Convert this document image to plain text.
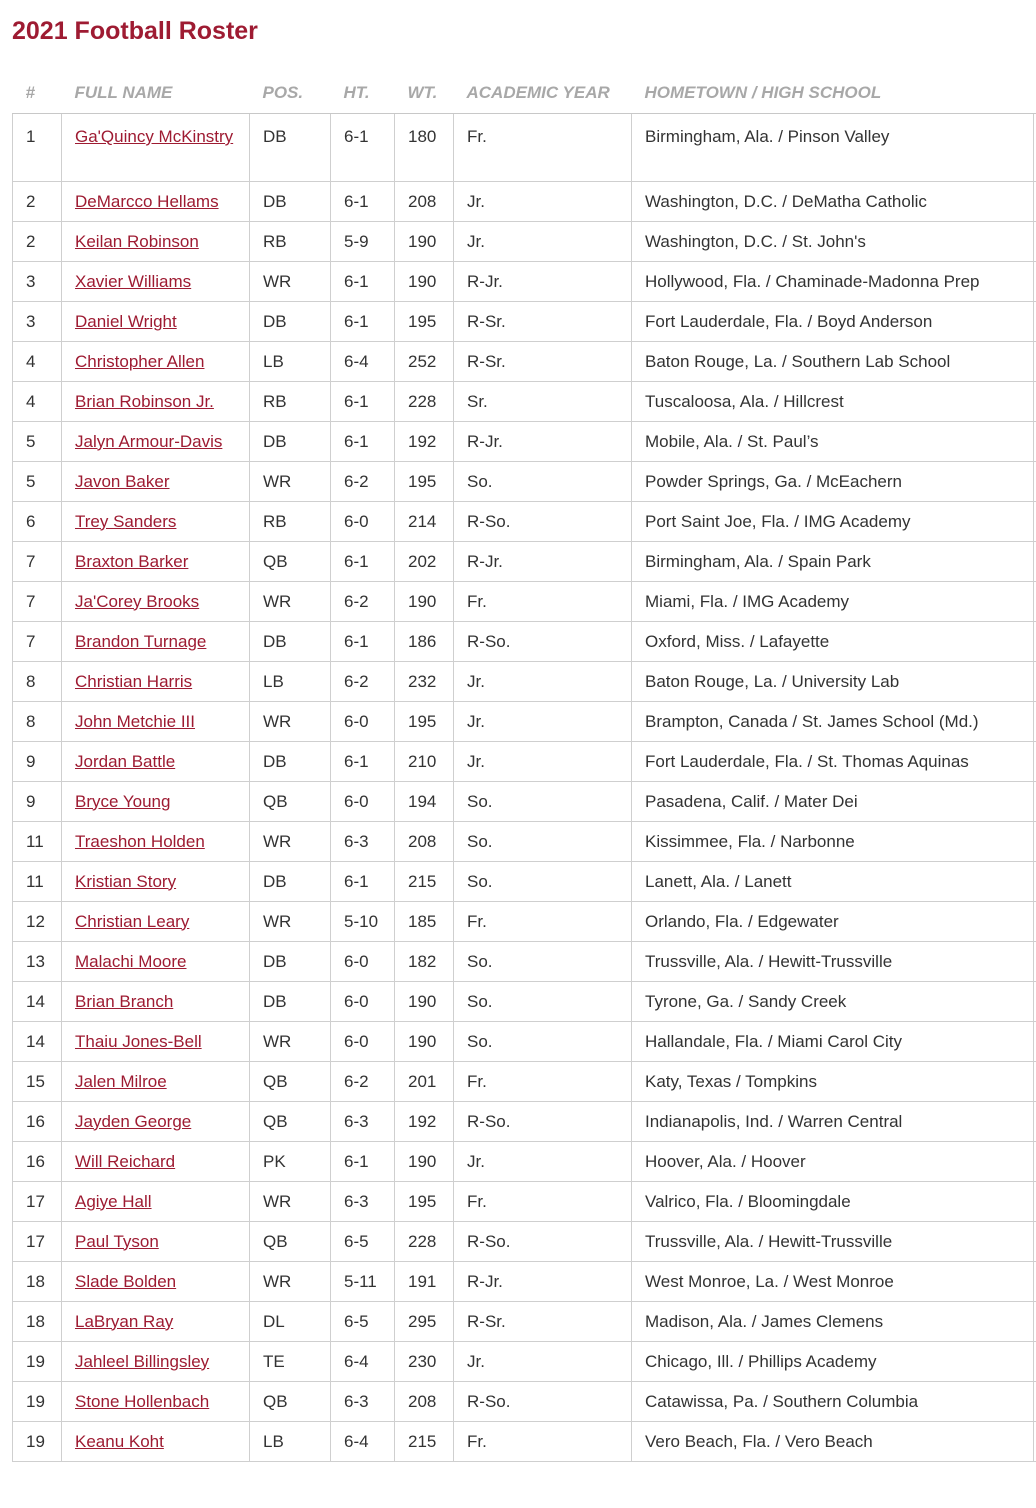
2021 Football Roster
#	FULL NAME	POS.	HT.	WT.	ACADEMIC YEAR	HOMETOWN / HIGH SCHOOL	
1	Ga'Quincy McKinstry	DB	6-1	180	Fr.	Birmingham, Ala. / Pinson Valley	
2	DeMarcco Hellams	DB	6-1	208	Jr.	Washington, D.C. / DeMatha Catholic	
2	Keilan Robinson	RB	5-9	190	Jr.	Washington, D.C. / St. John's	
3	Xavier Williams	WR	6-1	190	R-Jr.	Hollywood, Fla. / Chaminade-Madonna Prep	
3	Daniel Wright	DB	6-1	195	R-Sr.	Fort Lauderdale, Fla. / Boyd Anderson	
4	Christopher Allen	LB	6-4	252	R-Sr.	Baton Rouge, La. / Southern Lab School	
4	Brian Robinson Jr.	RB	6-1	228	Sr.	Tuscaloosa, Ala. / Hillcrest	
5	Jalyn Armour-Davis	DB	6-1	192	R-Jr.	Mobile, Ala. / St. Paul’s	
5	Javon Baker	WR	6-2	195	So.	Powder Springs, Ga. / McEachern	
6	Trey Sanders	RB	6-0	214	R-So.	Port Saint Joe, Fla. / IMG Academy	
7	Braxton Barker	QB	6-1	202	R-Jr.	Birmingham, Ala. / Spain Park	
7	Ja'Corey Brooks	WR	6-2	190	Fr.	Miami, Fla. / IMG Academy	
7	Brandon Turnage	DB	6-1	186	R-So.	Oxford, Miss. / Lafayette	
8	Christian Harris	LB	6-2	232	Jr.	Baton Rouge, La. / University Lab	
8	John Metchie III	WR	6-0	195	Jr.	Brampton, Canada / St. James School (Md.)	
9	Jordan Battle	DB	6-1	210	Jr.	Fort Lauderdale, Fla. / St. Thomas Aquinas	
9	Bryce Young	QB	6-0	194	So.	Pasadena, Calif. / Mater Dei	
11	Traeshon Holden	WR	6-3	208	So.	Kissimmee, Fla. / Narbonne	
11	Kristian Story	DB	6-1	215	So.	Lanett, Ala. / Lanett	
12	Christian Leary	WR	5-10	185	Fr.	Orlando, Fla. / Edgewater	
13	Malachi Moore	DB	6-0	182	So.	Trussville, Ala. / Hewitt-Trussville	
14	Brian Branch	DB	6-0	190	So.	Tyrone, Ga. / Sandy Creek	
14	Thaiu Jones-Bell	WR	6-0	190	So.	Hallandale, Fla. / Miami Carol City	
15	Jalen Milroe	QB	6-2	201	Fr.	Katy, Texas / Tompkins	
16	Jayden George	QB	6-3	192	R-So.	Indianapolis, Ind. / Warren Central	
16	Will Reichard	PK	6-1	190	Jr.	Hoover, Ala. / Hoover	
17	Agiye Hall	WR	6-3	195	Fr.	Valrico, Fla. / Bloomingdale	
17	Paul Tyson	QB	6-5	228	R-So.	Trussville, Ala. / Hewitt-Trussville	
18	Slade Bolden	WR	5-11	191	R-Jr.	West Monroe, La. / West Monroe	
18	LaBryan Ray	DL	6-5	295	R-Sr.	Madison, Ala. / James Clemens	
19	Jahleel Billingsley	TE	6-4	230	Jr.	Chicago, Ill. / Phillips Academy	
19	Stone Hollenbach	QB	6-3	208	R-So.	Catawissa, Pa. / Southern Columbia	
19	Keanu Koht	LB	6-4	215	Fr.	Vero Beach, Fla. / Vero Beach	
